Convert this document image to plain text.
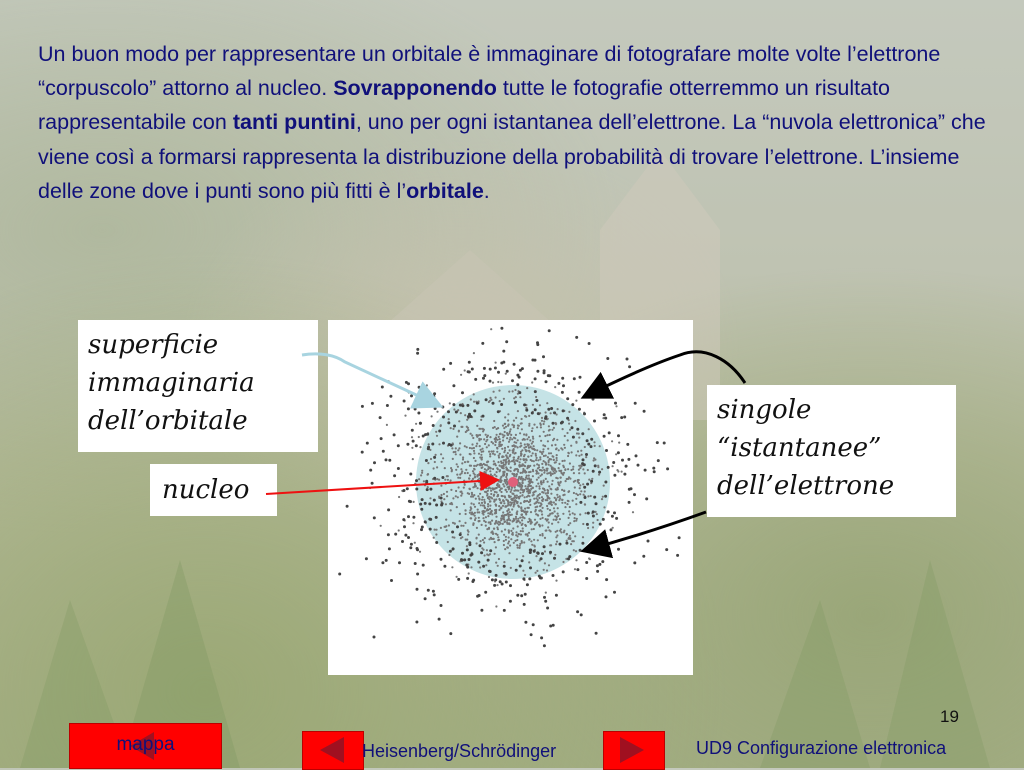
Un buon modo per rappresentare un orbitale è immaginare di fotografare molte volte l’elettrone “corpuscolo” attorno al nucleo. Sovrapponendo tutte le fotografie otterremmo un risultato rappresentabile con tanti puntini, uno per ogni istantanea dell’elettrone. La “nuvola elettronica” che viene così a formarsi rappresenta la distribuzione della probabilità di trovare l’elettrone. L’insieme delle zone dove i punti sono più fitti è l’orbitale.
superficie
immaginaria
dell’orbitale
nucleo
singole
“istantanee”
dell’elettrone
19
mappa	Heisenberg/Schrödinger	UD9 Configurazione elettronica
